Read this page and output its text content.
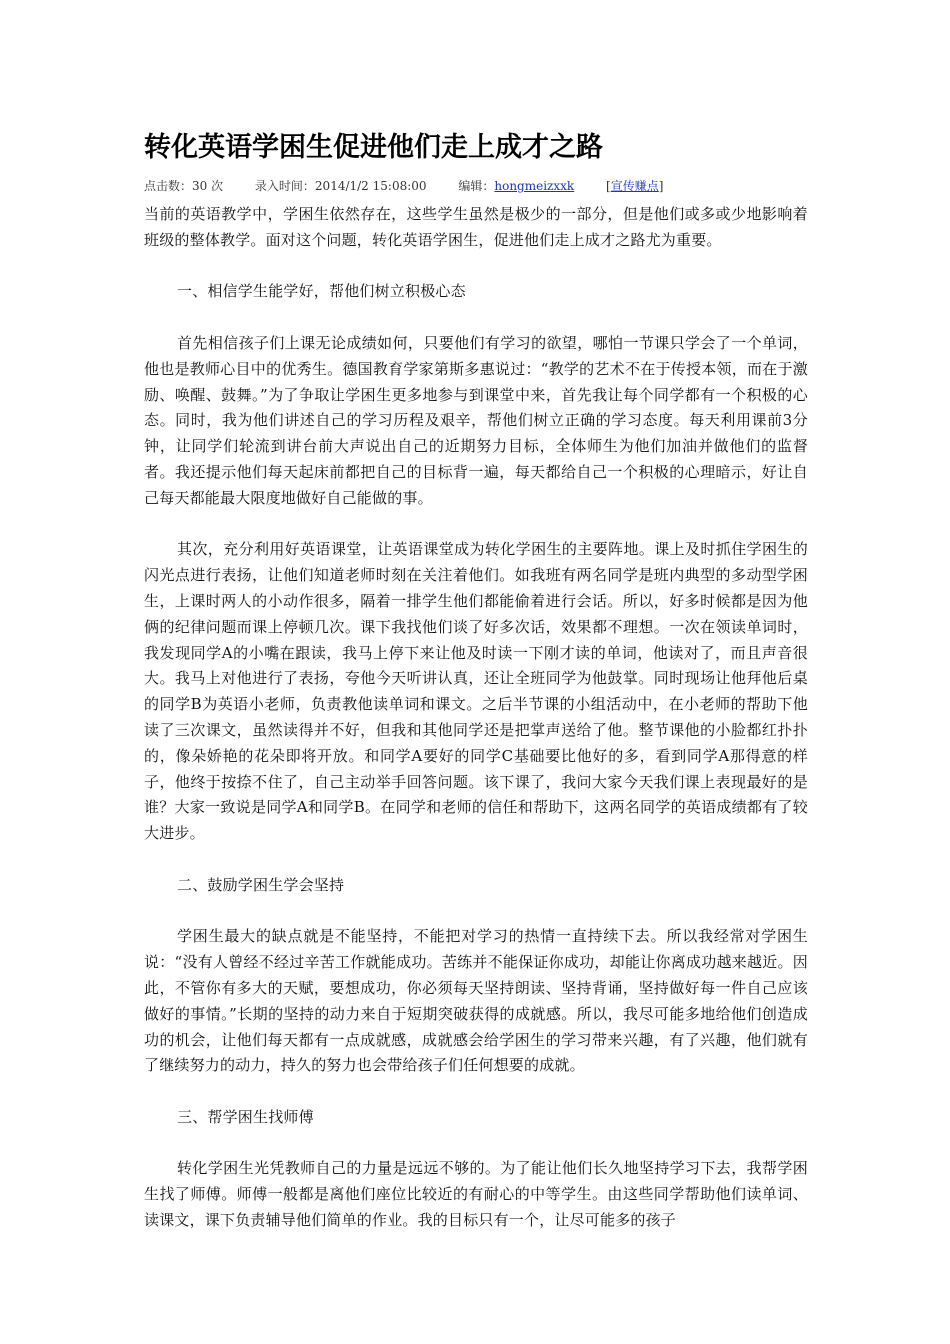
转化英语学困生促进他们走上成才之路
点击数：30 次	录入时间：2014/1/2 15:08:00	编辑：hongmeizxxk	[宣传赚点]

当前的英语教学中，学困生依然存在，这些学生虽然是极少的一部分，但是他们或多或少地影响着班级的整体教学。面对这个问题，转化英语学困生，促进他们走上成才之路尤为重要。

一、相信学生能学好，帮他们树立积极心态

首先相信孩子们上课无论成绩如何，只要他们有学习的欲望，哪怕一节课只学会了一个单词，他也是教师心目中的优秀生。德国教育学家第斯多惠说过：“教学的艺术不在于传授本领，而在于激励、唤醒、鼓舞。”为了争取让学困生更多地参与到课堂中来，首先我让每个同学都有一个积极的心态。同时，我为他们讲述自己的学习历程及艰辛，帮他们树立正确的学习态度。每天利用课前3分钟，让同学们轮流到讲台前大声说出自己的近期努力目标，全体师生为他们加油并做他们的监督者。我还提示他们每天起床前都把自己的目标背一遍，每天都给自己一个积极的心理暗示，好让自己每天都能最大限度地做好自己能做的事。

其次，充分利用好英语课堂，让英语课堂成为转化学困生的主要阵地。课上及时抓住学困生的闪光点进行表扬，让他们知道老师时刻在关注着他们。如我班有两名同学是班内典型的多动型学困生，上课时两人的小动作很多，隔着一排学生他们都能偷着进行会话。所以，好多时候都是因为他俩的纪律问题而课上停顿几次。课下我找他们谈了好多次话，效果都不理想。一次在领读单词时，我发现同学A的小嘴在跟读，我马上停下来让他及时读一下刚才读的单词，他读对了，而且声音很大。我马上对他进行了表扬，夸他今天听讲认真，还让全班同学为他鼓掌。同时现场让他拜他后桌的同学B为英语小老师，负责教他读单词和课文。之后半节课的小组活动中，在小老师的帮助下他读了三次课文，虽然读得并不好，但我和其他同学还是把掌声送给了他。整节课他的小脸都红扑扑的，像朵娇艳的花朵即将开放。和同学A要好的同学C基础要比他好的多，看到同学A那得意的样子，他终于按捺不住了，自己主动举手回答问题。该下课了，我问大家今天我们课上表现最好的是谁？大家一致说是同学A和同学B。在同学和老师的信任和帮助下，这两名同学的英语成绩都有了较大进步。

二、鼓励学困生学会坚持

学困生最大的缺点就是不能坚持，不能把对学习的热情一直持续下去。所以我经常对学困生说：“没有人曾经不经过辛苦工作就能成功。苦练并不能保证你成功，却能让你离成功越来越近。因此，不管你有多大的天赋，要想成功，你必须每天坚持朗读、坚持背诵，坚持做好每一件自己应该做好的事情。”长期的坚持的动力来自于短期突破获得的成就感。所以，我尽可能多地给他们创造成功的机会，让他们每天都有一点成就感，成就感会给学困生的学习带来兴趣，有了兴趣，他们就有了继续努力的动力，持久的努力也会带给孩子们任何想要的成就。

三、帮学困生找师傅

转化学困生光凭教师自己的力量是远远不够的。为了能让他们长久地坚持学习下去，我帮学困生找了师傅。师傅一般都是离他们座位比较近的有耐心的中等学生。由这些同学帮助他们读单词、读课文，课下负责辅导他们简单的作业。我的目标只有一个，让尽可能多的孩子
